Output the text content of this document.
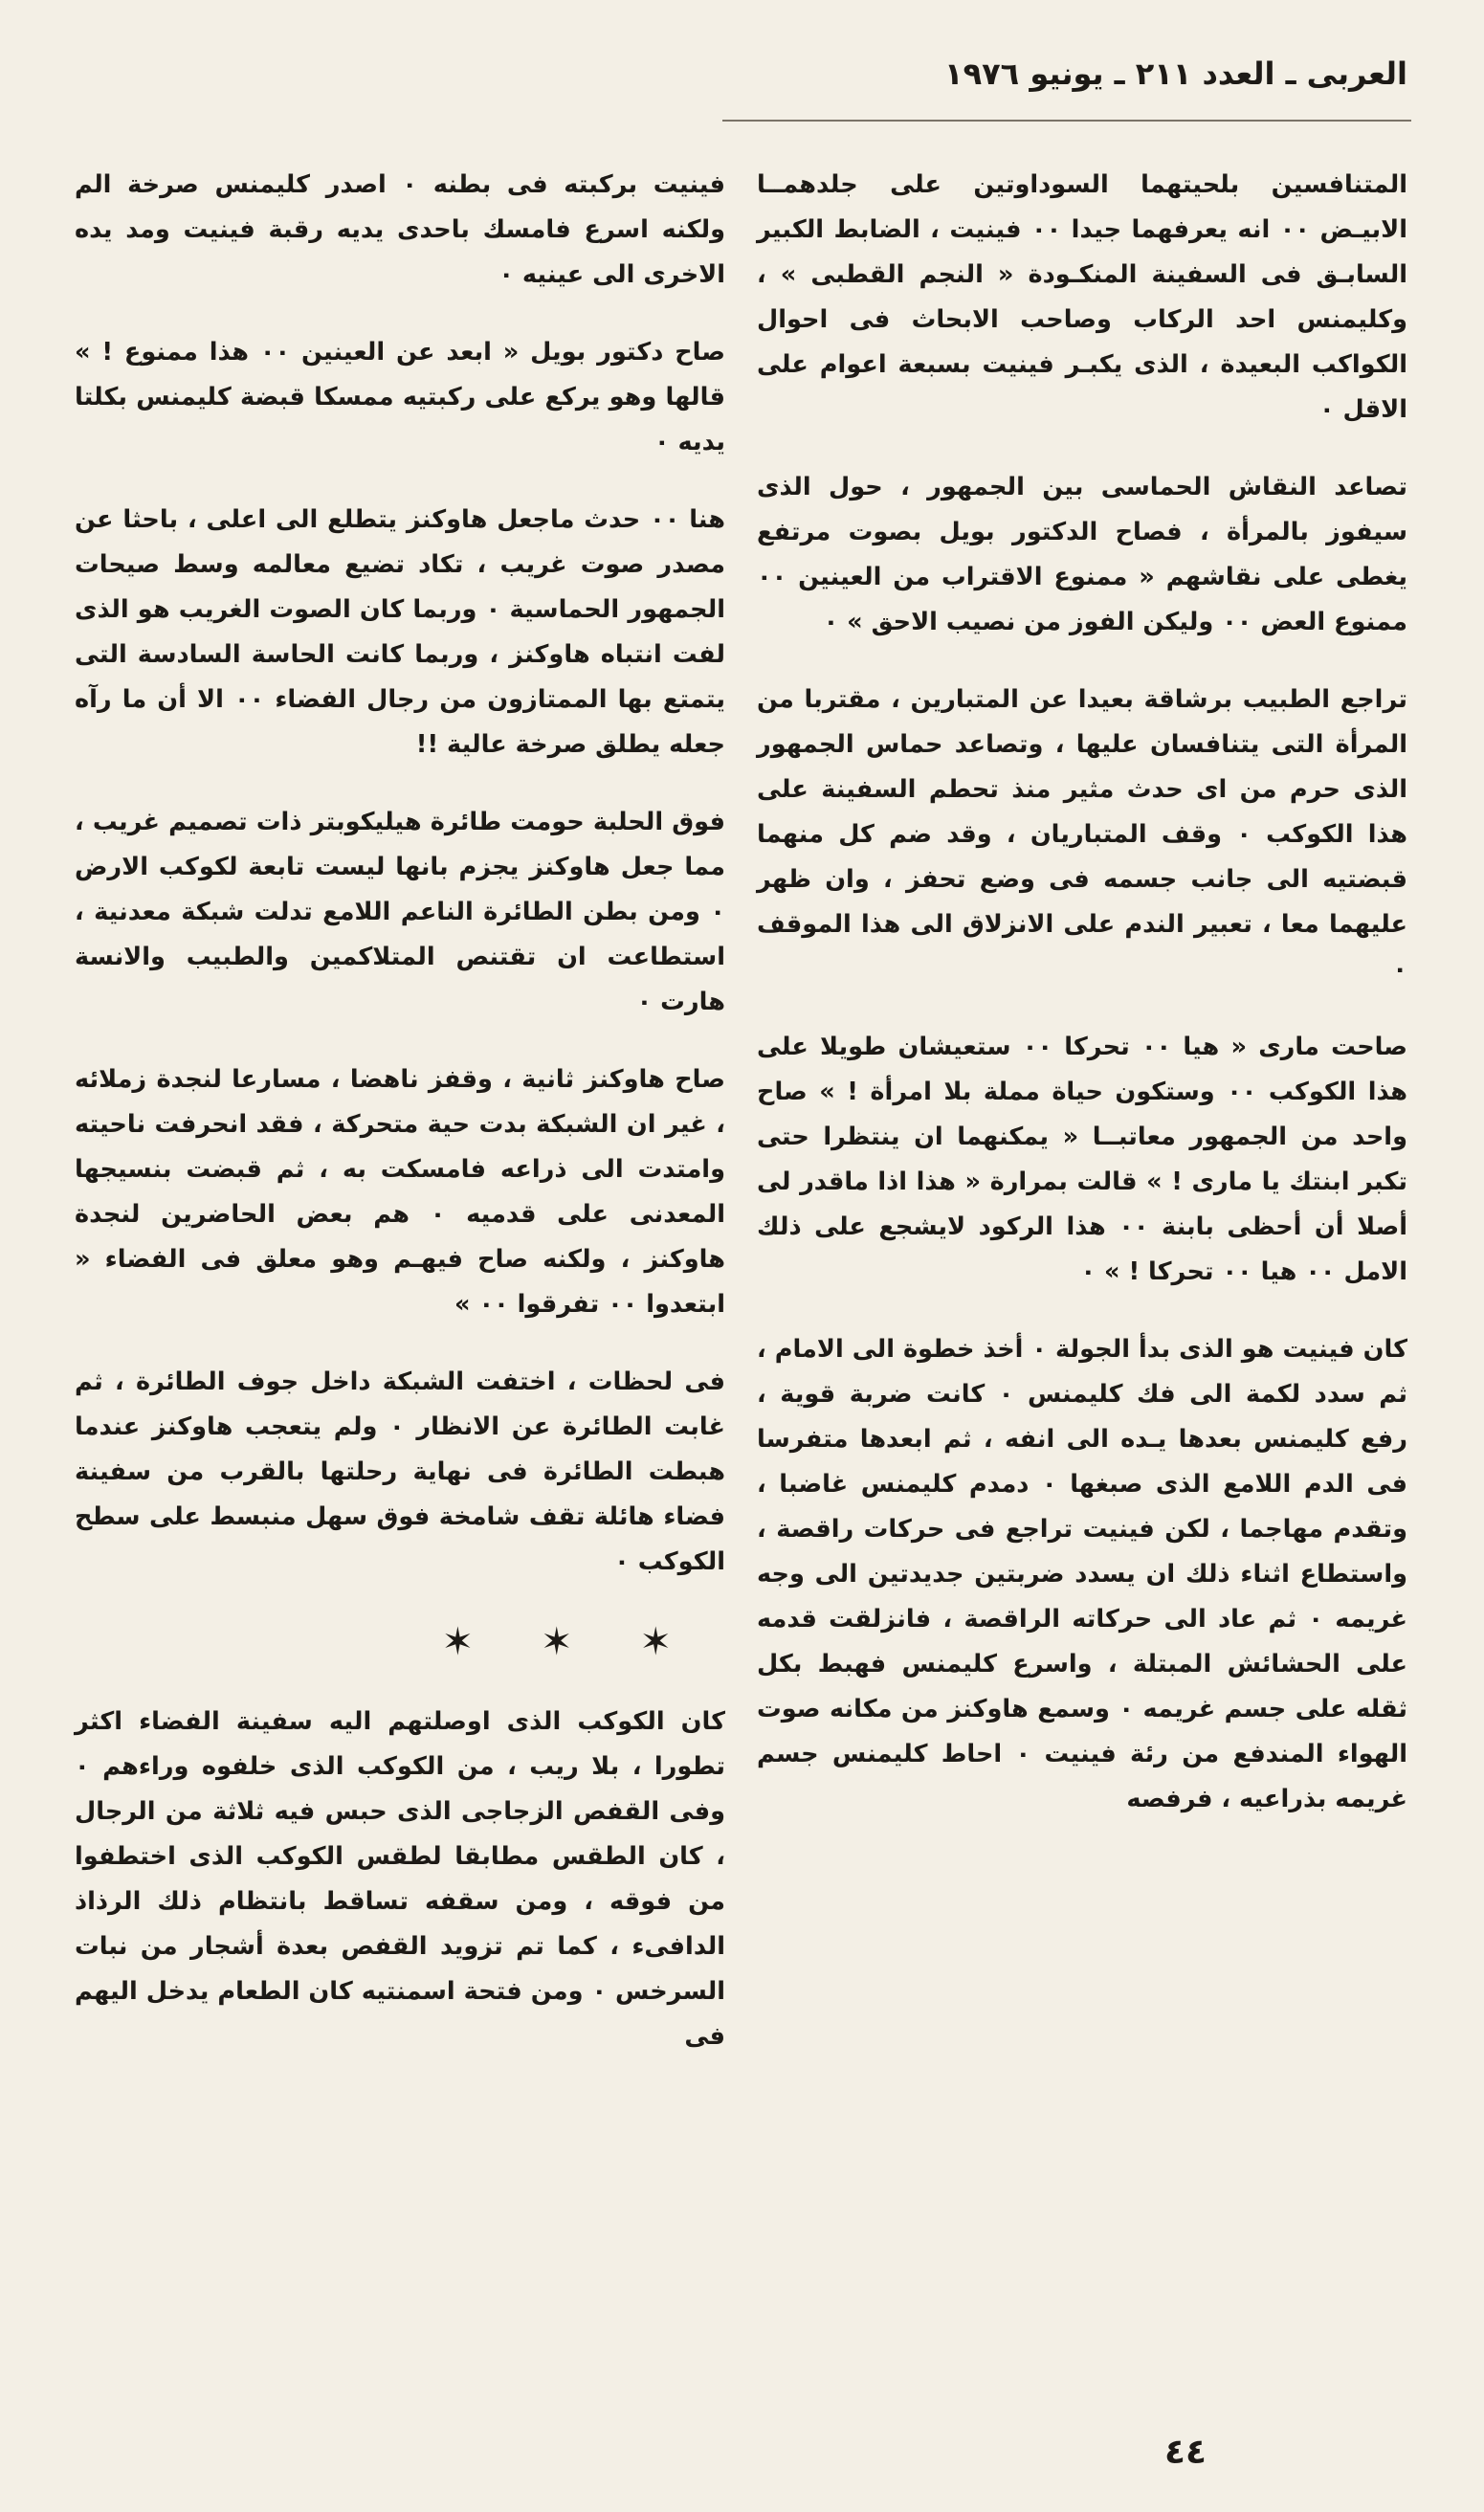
العربى ـ العدد ٢١١ ـ يونيو ١٩٧٦

المتنافسين بلحيتهما السوداوتين على جلدهمــا الابيـض ٠٠ انه يعرفهما جيدا ٠٠ فينيت ، الضابط الكبير السابـق فى السفينة المنكـودة « النجم القطبى » ، وكليمنس احد الركاب وصاحب الابحاث فى احوال الكواكب البعيدة ، الذى يكبـر فينيت بسبعة اعوام على الاقل ٠

تصاعد النقاش الحماسى بين الجمهور ، حول الذى سيفوز بالمرأة ، فصاح الدكتور بويل بصوت مرتفع يغطى على نقاشهم « ممنوع الاقتراب من العينين ٠٠ ممنوع العض ٠٠ وليكن الفوز من نصيب الاحق » ٠

تراجع الطبيب برشاقة بعيدا عن المتبارين ، مقتربا من المرأة التى يتنافسان عليها ، وتصاعد حماس الجمهور الذى حرم من اى حدث مثير منذ تحطم السفينة على هذا الكوكب ٠ وقف المتباريان ، وقد ضم كل منهما قبضتيه الى جانب جسمه فى وضع تحفز ، وان ظهر عليهما معا ، تعبير الندم على الانزلاق الى هذا الموقف ٠

صاحت مارى « هيا ٠٠ تحركا ٠٠ ستعيشان طويلا على هذا الكوكب ٠٠ وستكون حياة مملة بلا امرأة ! » صاح واحد من الجمهور معاتبــا « يمكنهما ان ينتظرا حتى تكبر ابنتك يا مارى ! » قالت بمرارة « هذا اذا ماقدر لى أصلا أن أحظى بابنة ٠٠ هذا الركود لايشجع على ذلك الامل ٠٠ هيا ٠٠ تحركا ! » ٠

كان فينيت هو الذى بدأ الجولة ٠ أخذ خطوة الى الامام ، ثم سدد لكمة الى فك كليمنس ٠ كانت ضربة قوية ، رفع كليمنس بعدها يـده الى انفه ، ثم ابعدها متفرسا فى الدم اللامع الذى صبغها ٠ دمدم كليمنس غاضبا ، وتقدم مهاجما ، لكن فينيت تراجع فى حركات راقصة ، واستطاع اثناء ذلك ان يسدد ضربتين جديدتين الى وجه غريمه ٠ ثم عاد الى حركاته الراقصة ، فانزلقت قدمه على الحشائش المبتلة ، واسرع كليمنس فهبط بكل ثقله على جسم غريمه ٠ وسمع هاوكنز من مكانه صوت الهواء المندفع من رئة فينيت ٠ احاط كليمنس جسم غريمه بذراعيه ، فرفصه

فينيت بركبته فى بطنه ٠ اصدر كليمنس صرخة الم ولكنه اسرع فامسك باحدى يديه رقبة فينيت ومد يده الاخرى الى عينيه ٠

صاح دكتور بويل « ابعد عن العينين ٠٠ هذا ممنوع ! » قالها وهو يركع على ركبتيه ممسكا قبضة كليمنس بكلتا يديه ٠

هنا ٠٠ حدث ماجعل هاوكنز يتطلع الى اعلى ، باحثا عن مصدر صوت غريب ، تكاد تضيع معالمه وسط صيحات الجمهور الحماسية ٠ وربما كان الصوت الغريب هو الذى لفت انتباه هاوكنز ، وربما كانت الحاسة السادسة التى يتمتع بها الممتازون من رجال الفضاء ٠٠ الا أن ما رآه جعله يطلق صرخة عالية !!

فوق الحلبة حومت طائرة هيليكوبتر ذات تصميم غريب ، مما جعل هاوكنز يجزم بانها ليست تابعة لكوكب الارض ٠ ومن بطن الطائرة الناعم اللامع تدلت شبكة معدنية ، استطاعت ان تقتنص المتلاكمين والطبيب والانسة هارت ٠

صاح هاوكنز ثانية ، وقفز ناهضا ، مسارعا لنجدة زملائه ، غير ان الشبكة بدت حية متحركة ، فقد انحرفت ناحيته وامتدت الى ذراعه فامسكت به ، ثم قبضت بنسيجها المعدنى على قدميه ٠ هم بعض الحاضرين لنجدة هاوكنز ، ولكنه صاح فيهـم وهو معلق فى الفضاء « ابتعدوا ٠٠ تفرقوا ٠٠ »

فى لحظات ، اختفت الشبكة داخل جوف الطائرة ، ثم غابت الطائرة عن الانظار ٠ ولم يتعجب هاوكنز عندما هبطت الطائرة فى نهاية رحلتها بالقرب من سفينة فضاء هائلة تقف شامخة فوق سهل منبسط على سطح الكوكب ٠

✶ ✶ ✶

كان الكوكب الذى اوصلتهم اليه سفينة الفضاء اكثر تطورا ، بلا ريب ، من الكوكب الذى خلفوه وراءهم ٠ وفى القفص الزجاجى الذى حبس فيه ثلاثة من الرجال ، كان الطقس مطابقا لطقس الكوكب الذى اختطفوا من فوقه ، ومن سقفه تساقط بانتظام ذلك الرذاذ الدافىء ، كما تم تزويد القفص بعدة أشجار من نبات السرخس ٠ ومن فتحة اسمنتيه كان الطعام يدخل اليهم فى

٤٤
